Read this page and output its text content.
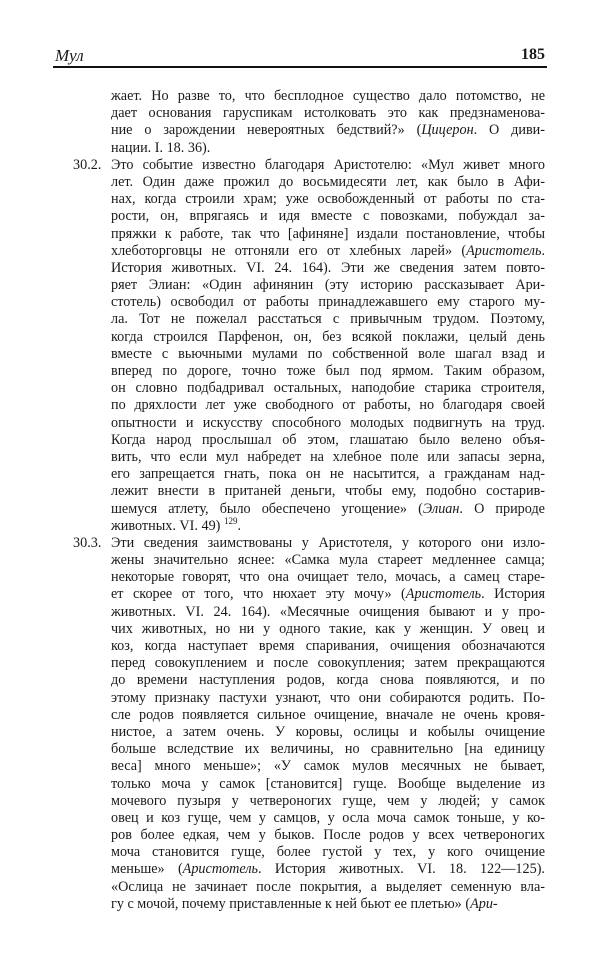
Мул	185
жает. Но разве то, что бесплодное существо дало потомство, не
дает основания гаруспикам истолковать это как предзнаменова-
ние о зарождении невероятных бедствий?» (Цицерон. О диви-
нации. I. 18. 36).
30.2. Это событие известно благодаря Аристотелю: «Мул живет много
лет. Один даже прожил до восьмидесяти лет, как было в Афи-
нах, когда строили храм; уже освобожденный от работы по ста-
рости, он, впрягаясь и идя вместе с повозками, побуждал за-
пряжки к работе, так что [афиняне] издали постановление, чтобы
хлеботорговцы не отгоняли его от хлебных ларей» (Аристотель.
История животных. VI. 24. 164). Эти же сведения затем повто-
ряет Элиан: «Один афинянин (эту историю рассказывает Ари-
стотель) освободил от работы принадлежавшего ему старого му-
ла. Тот не пожелал расстаться с привычным трудом. Поэтому,
когда строился Парфенон, он, без всякой поклажи, целый день
вместе с вьючными мулами по собственной воле шагал взад и
вперед по дороге, точно тоже был под ярмом. Таким образом,
он словно подбадривал остальных, наподобие старика строителя,
по дряхлости лет уже свободного от работы, но благодаря своей
опытности и искусству способного молодых подвигнуть на труд.
Когда народ прослышал об этом, глашатаю было велено объя-
вить, что если мул набредет на хлебное поле или запасы зерна,
его запрещается гнать, пока он не насытится, а гражданам над-
лежит внести в пританей деньги, чтобы ему, подобно состарив-
шемуся атлету, было обеспечено угощение» (Элиан. О природе
животных. VI. 49) $^{129}$.
30.3. Эти сведения заимствованы у Аристотеля, у которого они изло-
жены значительно яснее: «Самка мула стареет медленнее самца;
некоторые говорят, что она очищает тело, мочась, а самец старе-
ет скорее от того, что нюхает эту мочу» (Аристотель. История
животных. VI. 24. 164). «Месячные очищения бывают и у про-
чих животных, но ни у одного такие, как у женщин. У овец и
коз, когда наступает время спаривания, очищения обозначаются
перед совокуплением и после совокупления; затем прекращаются
до времени наступления родов, когда снова появляются, и по
этому признаку пастухи узнают, что они собираются родить. По-
сле родов появляется сильное очищение, вначале не очень кровя-
нистое, а затем очень. У коровы, ослицы и кобылы очищение
больше вследствие их величины, но сравнительно [на единицу
веса] много меньше»; «У самок мулов месячных не бывает,
только моча у самок [становится] гуще. Вообще выделение из
мочевого пузыря у четвероногих гуще, чем у людей; у самок
овец и коз гуще, чем у самцов, у осла моча самок тоньше, у ко-
ров более едкая, чем у быков. После родов у всех четвероногих
моча становится гуще, более густой у тех, у кого очищение
меньше» (Аристотель. История животных. VI. 18. 122—125).
«Ослица не зачинает после покрытия, а выделяет семенную вла-
гу с мочой, почему приставленные к ней бьют ее плетью» (Ари-
